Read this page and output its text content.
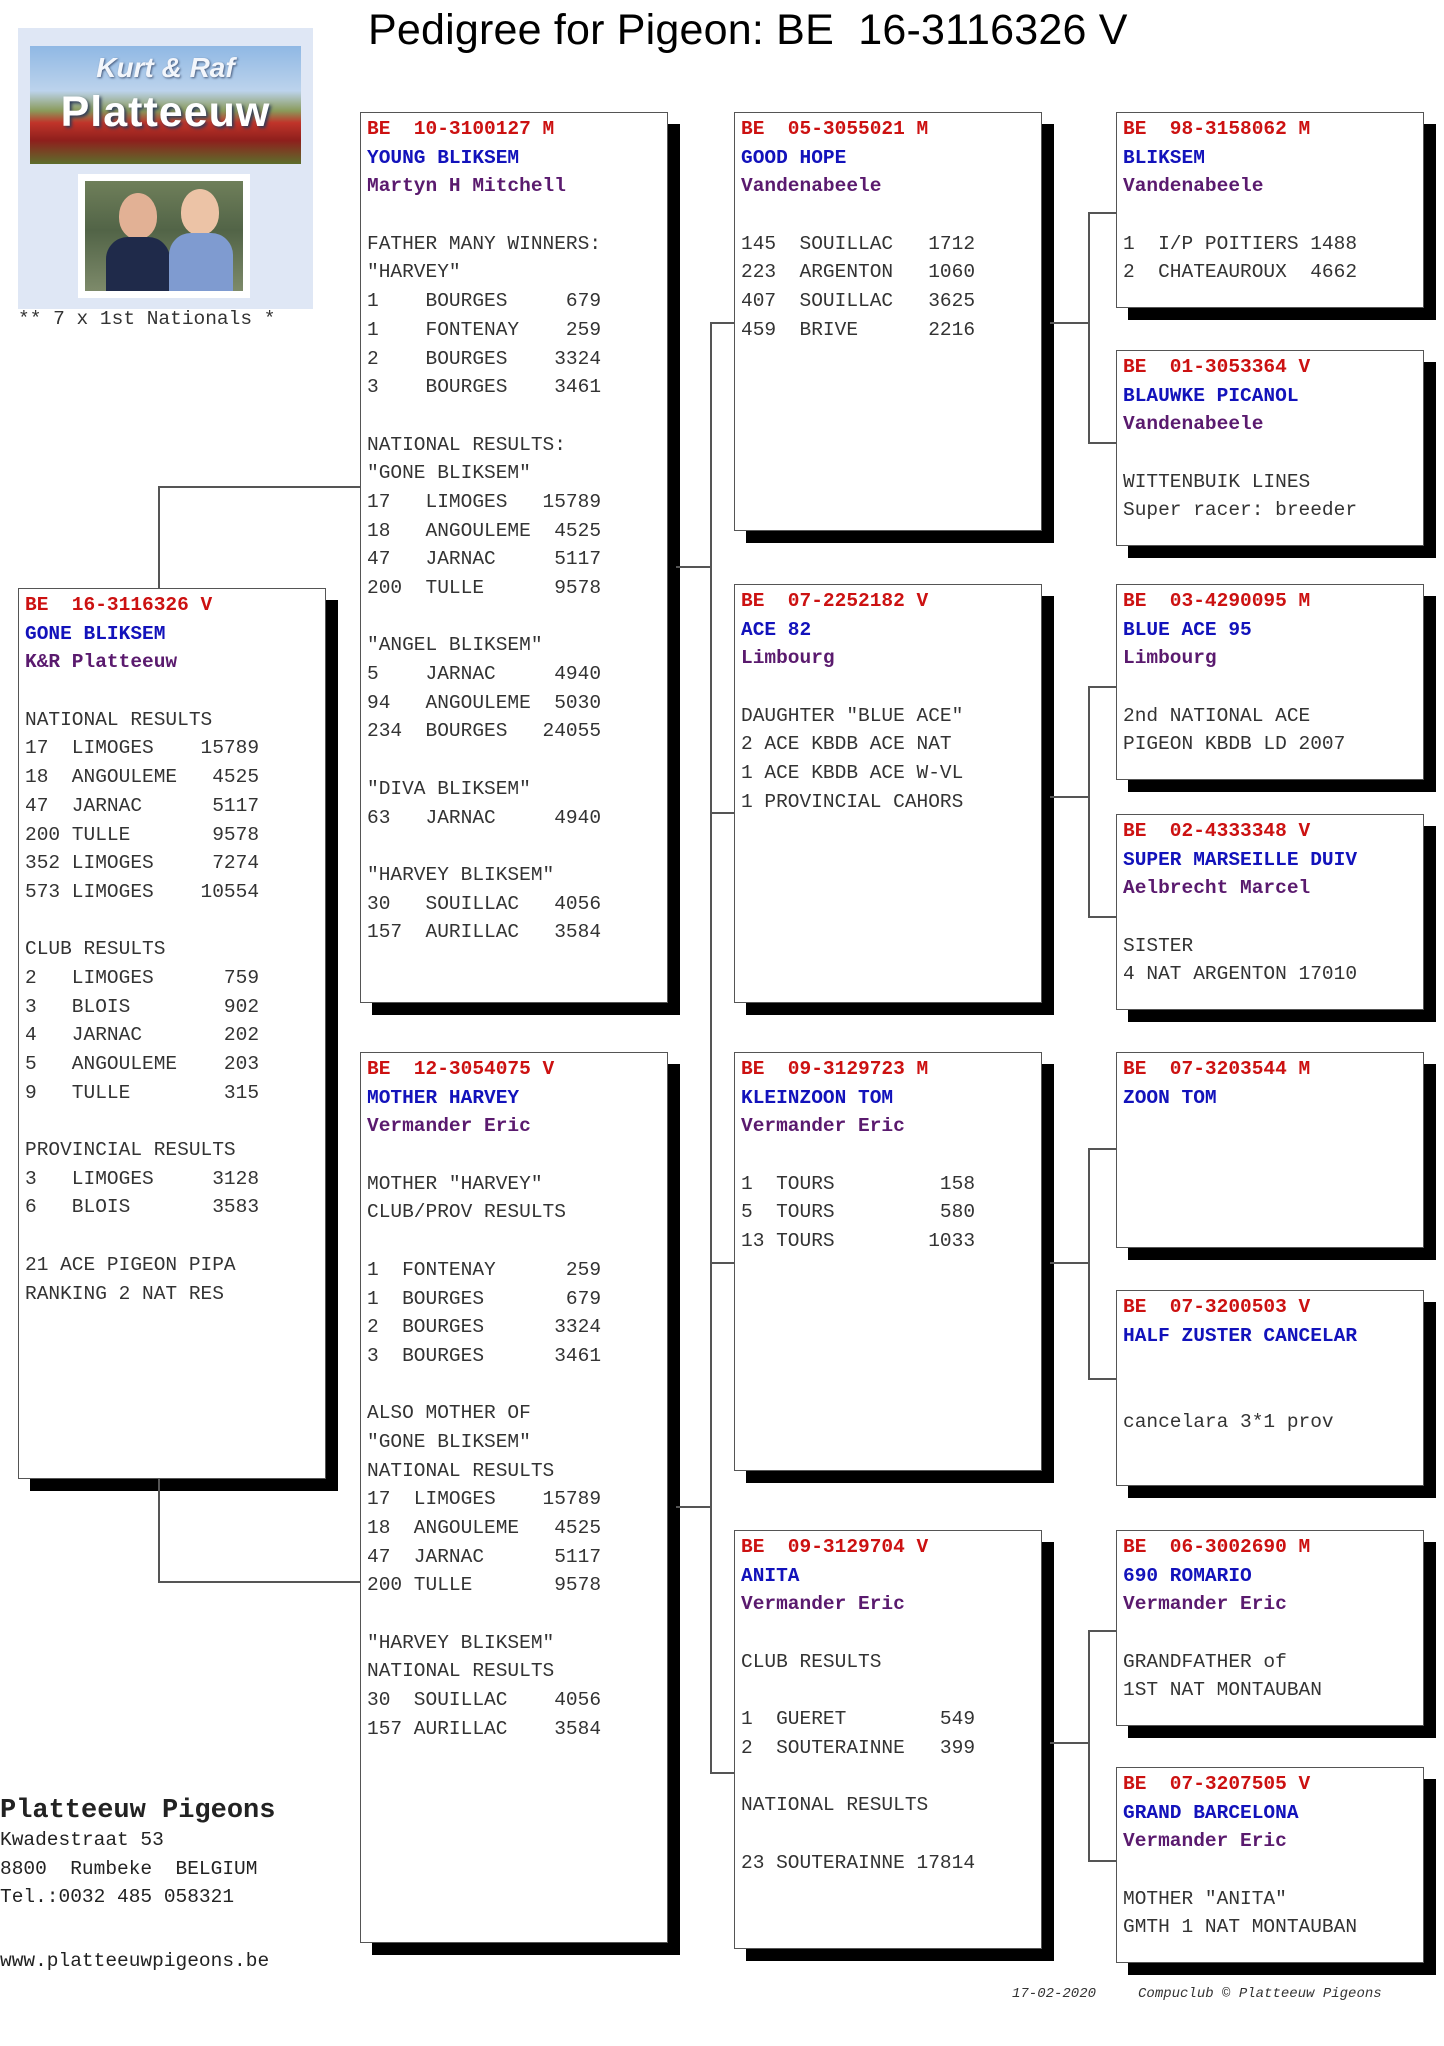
Pedigree for Pigeon: BE  16-3116326 V
Kurt & Raf
Platteeuw
** 7 x 1st Nationals *
BE  16-3116326 V
GONE BLIKSEM
K&R Platteeuw
NATIONAL RESULTS
17  LIMOGES    15789
18  ANGOULEME   4525
47  JARNAC      5117
200 TULLE       9578
352 LIMOGES     7274
573 LIMOGES    10554
CLUB RESULTS
2   LIMOGES      759
3   BLOIS        902
4   JARNAC       202
5   ANGOULEME    203
9   TULLE        315
PROVINCIAL RESULTS
3   LIMOGES     3128
6   BLOIS       3583
21 ACE PIGEON PIPA
RANKING 2 NAT RES
BE  10-3100127 M
YOUNG BLIKSEM
Martyn H Mitchell
FATHER MANY WINNERS:
"HARVEY"
1    BOURGES     679
1    FONTENAY    259
2    BOURGES    3324
3    BOURGES    3461
NATIONAL RESULTS:
"GONE BLIKSEM"
17   LIMOGES   15789
18   ANGOULEME  4525
47   JARNAC     5117
200  TULLE      9578
"ANGEL BLIKSEM"
5    JARNAC     4940
94   ANGOULEME  5030
234  BOURGES   24055
"DIVA BLIKSEM"
63   JARNAC     4940
"HARVEY BLIKSEM"
30   SOUILLAC   4056
157  AURILLAC   3584
BE  12-3054075 V
MOTHER HARVEY
Vermander Eric
MOTHER "HARVEY"
CLUB/PROV RESULTS
1  FONTENAY      259
1  BOURGES       679
2  BOURGES      3324
3  BOURGES      3461
ALSO MOTHER OF
"GONE BLIKSEM"
NATIONAL RESULTS
17  LIMOGES    15789
18  ANGOULEME   4525
47  JARNAC      5117
200 TULLE       9578
"HARVEY BLIKSEM"
NATIONAL RESULTS
30  SOUILLAC    4056
157 AURILLAC    3584
BE  05-3055021 M
GOOD HOPE
Vandenabeele
145  SOUILLAC   1712
223  ARGENTON   1060
407  SOUILLAC   3625
459  BRIVE      2216
BE  07-2252182 V
ACE 82
Limbourg
DAUGHTER "BLUE ACE"
2 ACE KBDB ACE NAT
1 ACE KBDB ACE W-VL
1 PROVINCIAL CAHORS
BE  09-3129723 M
KLEINZOON TOM
Vermander Eric
1  TOURS         158
5  TOURS         580
13 TOURS        1033
BE  09-3129704 V
ANITA
Vermander Eric
CLUB RESULTS
1  GUERET        549
2  SOUTERAINNE   399
NATIONAL RESULTS
23 SOUTERAINNE 17814
BE  98-3158062 M
BLIKSEM
Vandenabeele
1  I/P POITIERS 1488
2  CHATEAUROUX  4662
BE  01-3053364 V
BLAUWKE PICANOL
Vandenabeele
WITTENBUIK LINES
Super racer: breeder
BE  03-4290095 M
BLUE ACE 95
Limbourg
2nd NATIONAL ACE
PIGEON KBDB LD 2007
BE  02-4333348 V
SUPER MARSEILLE DUIV
Aelbrecht Marcel
SISTER
4 NAT ARGENTON 17010
BE  07-3203544 M
ZOON TOM
BE  07-3200503 V
HALF ZUSTER CANCELAR
cancelara 3*1 prov
BE  06-3002690 M
690 ROMARIO
Vermander Eric
GRANDFATHER of
1ST NAT MONTAUBAN
BE  07-3207505 V
GRAND BARCELONA
Vermander Eric
MOTHER "ANITA"
GMTH 1 NAT MONTAUBAN
Platteeuw Pigeons
Kwadestraat 53
8800  Rumbeke  BELGIUM
Tel.:0032 485 058321
www.platteeuwpigeons.be
17-02-2020     Compuclub © Platteeuw Pigeons
